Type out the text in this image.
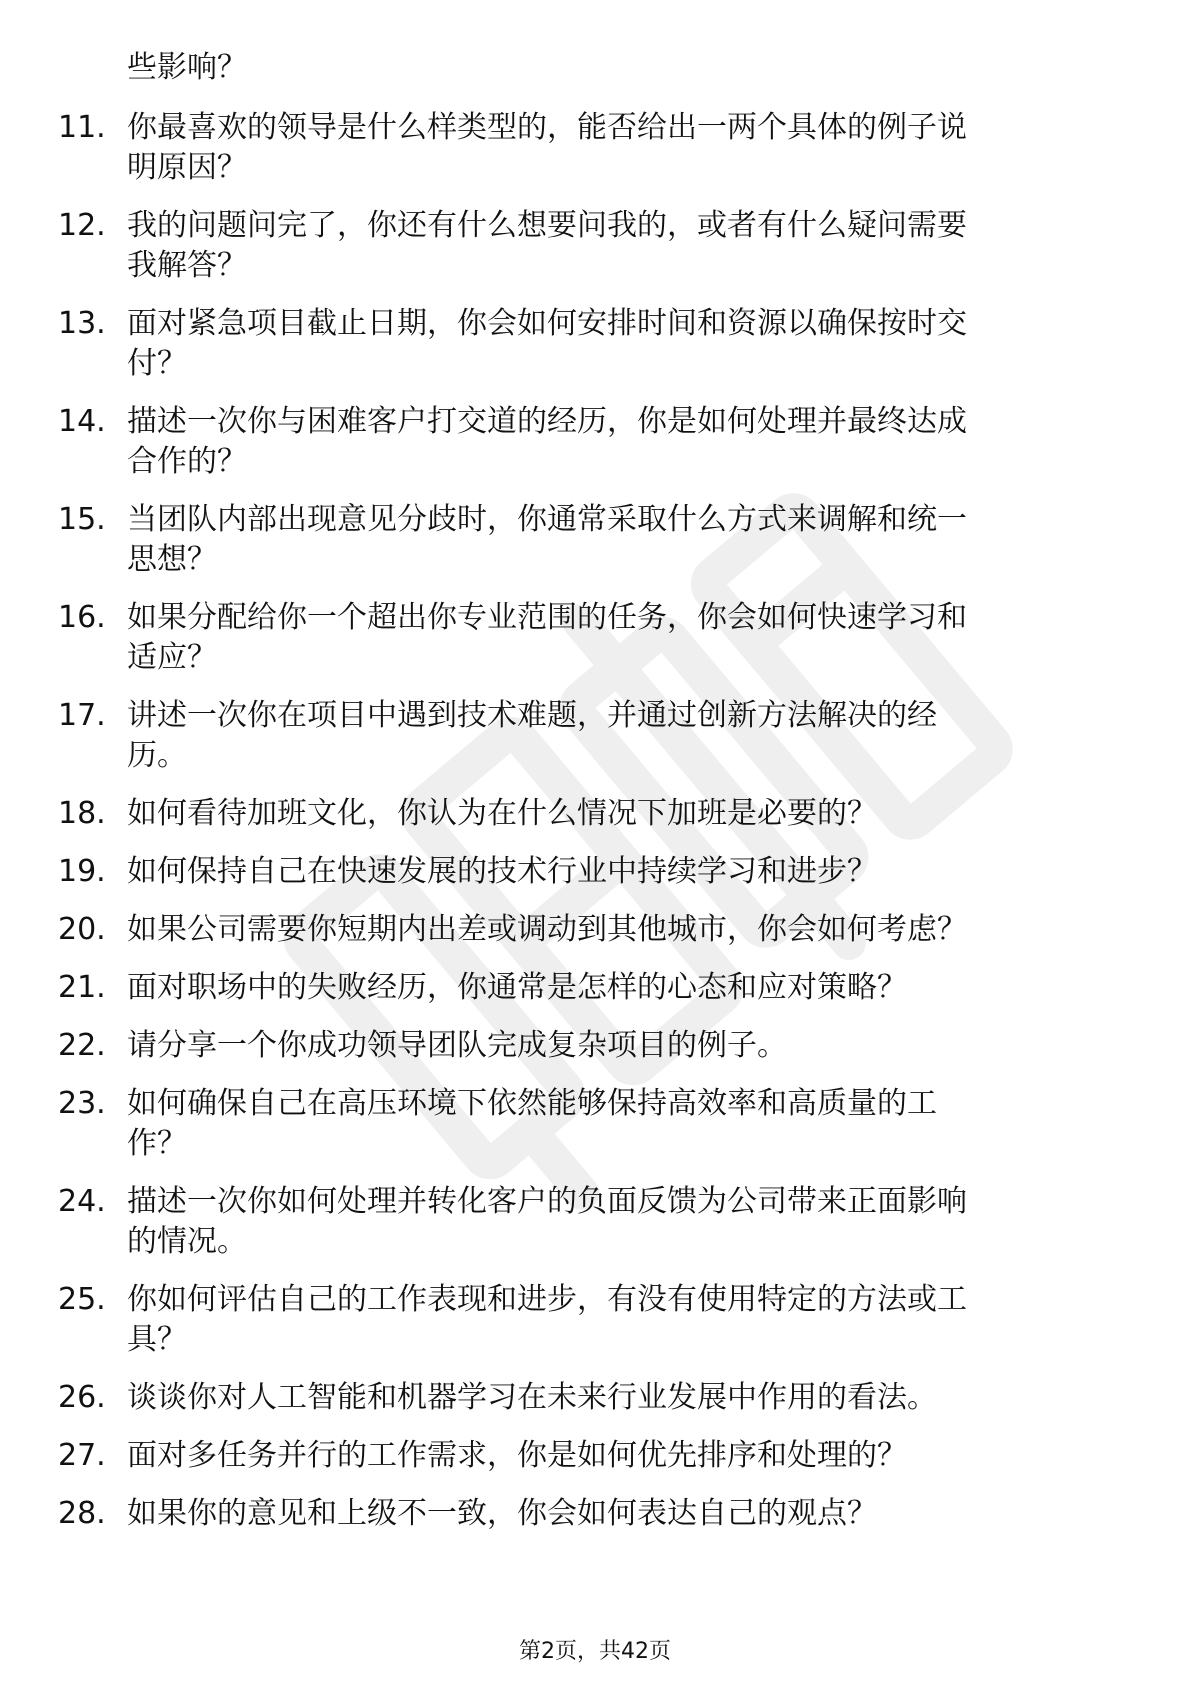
些影响？

11. 你最喜欢的领导是什么样类型的，能否给出一两个具体的例子说
明原因？
12. 我的问题问完了，你还有什么想要问我的，或者有什么疑问需要
我解答？
13. 面对紧急项目截止日期，你会如何安排时间和资源以确保按时交
付？
14. 描述一次你与困难客户打交道的经历，你是如何处理并最终达成
合作的？
15. 当团队内部出现意见分歧时，你通常采取什么方式来调解和统一
思想？
16. 如果分配给你一个超出你专业范围的任务，你会如何快速学习和
适应？
17. 讲述一次你在项目中遇到技术难题，并通过创新方法解决的经
历。
18. 如何看待加班文化，你认为在什么情况下加班是必要的？
19. 如何保持自己在快速发展的技术行业中持续学习和进步？
20. 如果公司需要你短期内出差或调动到其他城市，你会如何考虑？
21. 面对职场中的失败经历，你通常是怎样的心态和应对策略？
22. 请分享一个你成功领导团队完成复杂项目的例子。
23. 如何确保自己在高压环境下依然能够保持高效率和高质量的工
作？
24. 描述一次你如何处理并转化客户的负面反馈为公司带来正面影响
的情况。
25. 你如何评估自己的工作表现和进步，有没有使用特定的方法或工
具？
26. 谈谈你对人工智能和机器学习在未来行业发展中作用的看法。
27. 面对多任务并行的工作需求，你是如何优先排序和处理的？
28. 如果你的意见和上级不一致，你会如何表达自己的观点？
第2页，共42页
